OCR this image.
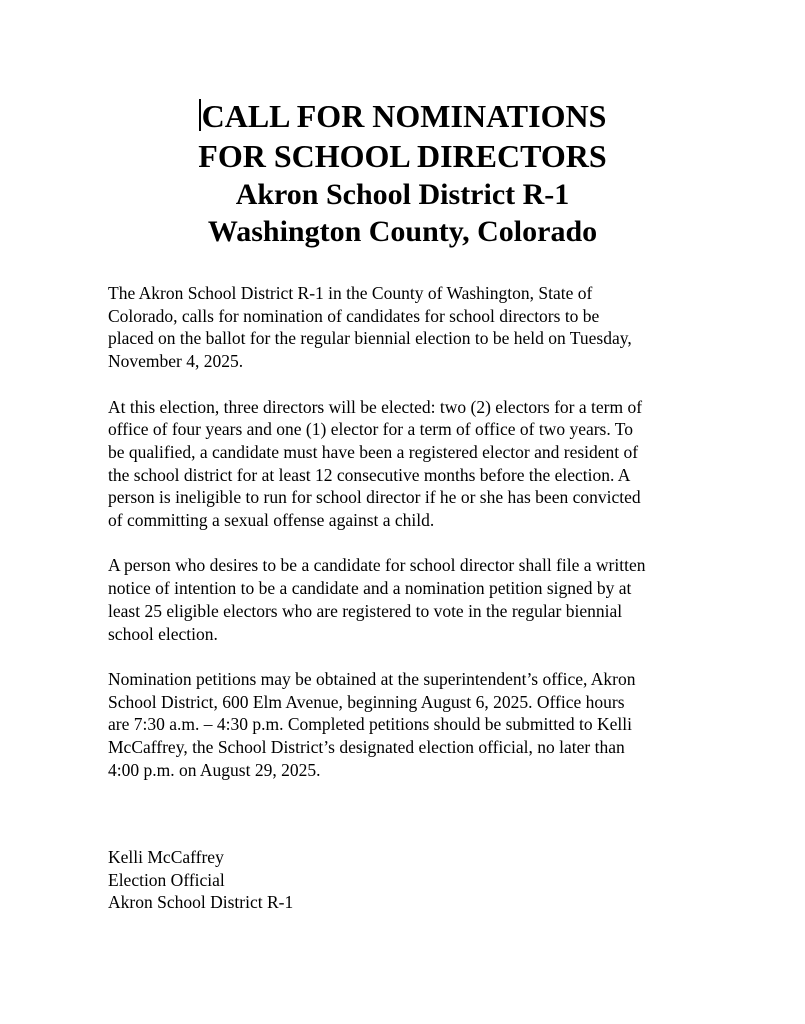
CALL FOR NOMINATIONS

FOR SCHOOL DIRECTORS

Akron School District R-1

Washington County, Colorado

The Akron School District R-1 in the County of Washington, State of
Colorado, calls for nomination of candidates for school directors to be
placed on the ballot for the regular biennial election to be held on Tuesday,
November 4, 2025.

At this election, three directors will be elected: two (2) electors for a term of
office of four years and one (1) elector for a term of office of two years. To
be qualified, a candidate must have been a registered elector and resident of
the school district for at least 12 consecutive months before the election. A
person is ineligible to run for school director if he or she has been convicted
of committing a sexual offense against a child.

A person who desires to be a candidate for school director shall file a written
notice of intention to be a candidate and a nomination petition signed by at
least 25 eligible electors who are registered to vote in the regular biennial
school election.

Nomination petitions may be obtained at the superintendent’s office, Akron
School District, 600 Elm Avenue, beginning August 6, 2025. Office hours
are 7:30 a.m. – 4:30 p.m. Completed petitions should be submitted to Kelli
McCaffrey, the School District’s designated election official, no later than
4:00 p.m. on August 29, 2025.

Kelli McCaffrey

Election Official

Akron School District R-1
